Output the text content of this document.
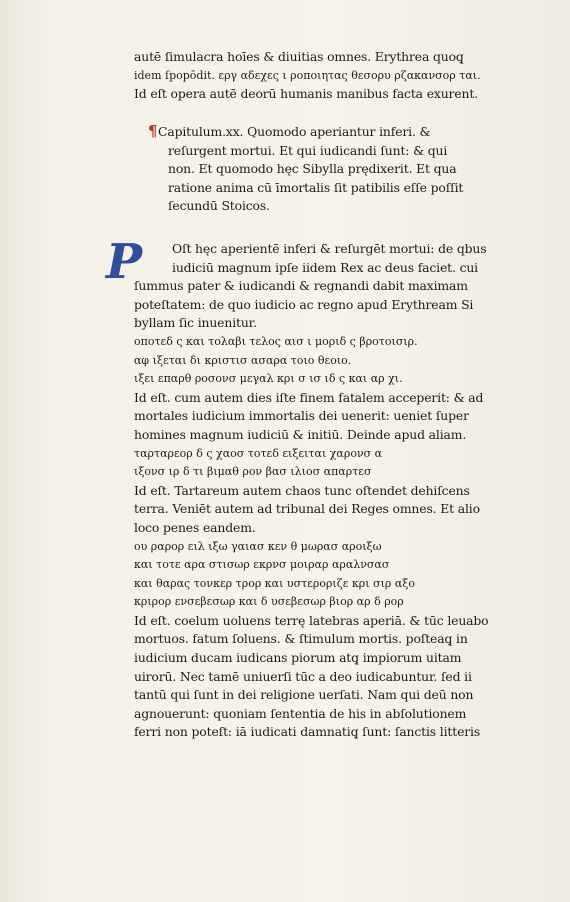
autē ſimulacra hoīes & diuitias omnes. Erythrea quoq̧
idem ſpopōdit. εργ αδεχες ι ροποιητας θεσορυ ρζακανσορ ται.
Id eſt opera autē deorū humanis manibus facta exurent.
¶Capitulum.xx. Quomodo aperiantur inferi. &
reſurgent mortui. Et qui iudicandi ſunt: & qui
non. Et quomodo hęc Sibylla prędixerit. Et qua
ratione anima cū īmortalis ſit patibilis eſſe poſſit
ſecundū Stoicos.
P	Oſt hęc aperientē inferi & reſurgēt mortui: de qbus
iudiciū magnum ipſe iidem Rex ac deus faciet. cui
ſummus pater & iudicandi & regnandi dabit maximam
poteſtatem: de quo iudicio ac regno apud Erythream Si
byllam ſic inuenitur.
οποτεδ ς και τολαβι τελος αισ ι μοριδ ς βροτοισιρ.
αφ ιξεται δι κριστισ ασαρα τοιο θεοιο.
ιξει επαρθ ροσονσ μεγαλ κρι σ ισ ιδ ς και αρ χι.
Id eſt. cum autem dies iſte finem fatalem acceperit: & ad
mortales iudicium immortalis dei uenerit: ueniet ſuper
homines magnum iudiciū & initiū. Deinde apud aliam.
ταρταρεορ δ ς χαοσ τοτεδ ειξειται χαρονσ α
ιξονσ ιρ δ τι βιμαθ ρον βασ ιλιοσ απαρτεσ
Id eſt. Tartareum autem chaos tunc oſtendet dehiſcens
terra. Veniēt autem ad tribunal dei Reges omnes. Et alio
loco penes eandem.
ου ραρορ ειλ ιξω γαιασ κεν θ μωρασ αροιξω
και τοτε αρα στισωρ εκρνσ μοιραρ αραλνσασ
και θαρας τονκερ τρορ και υστεροριζε κρι σιρ αξο
κριρορ ενσεβεσωρ και δ υσεβεσωρ βιορ αρ δ ρορ
Id eſt. coelum uoluens terrę latebras aperiā. & tūc leuabo
mortuos. fatum ſoluens. & ſtimulum mortis. poſteaq̧ in
iudicium ducam iudicans piorum atq̧ impiorum uitam
uirorū. Nec tamē uniuerſi tūc a deo iudicabuntur. ſed ii
tantū qui ſunt in dei religione uerſati. Nam qui deū non
agnouerunt: quoniam ſententia de his in abſolutionem
ferri non poteſt: iā iudicati damnatiq̧ ſunt: ſanctis litteris
